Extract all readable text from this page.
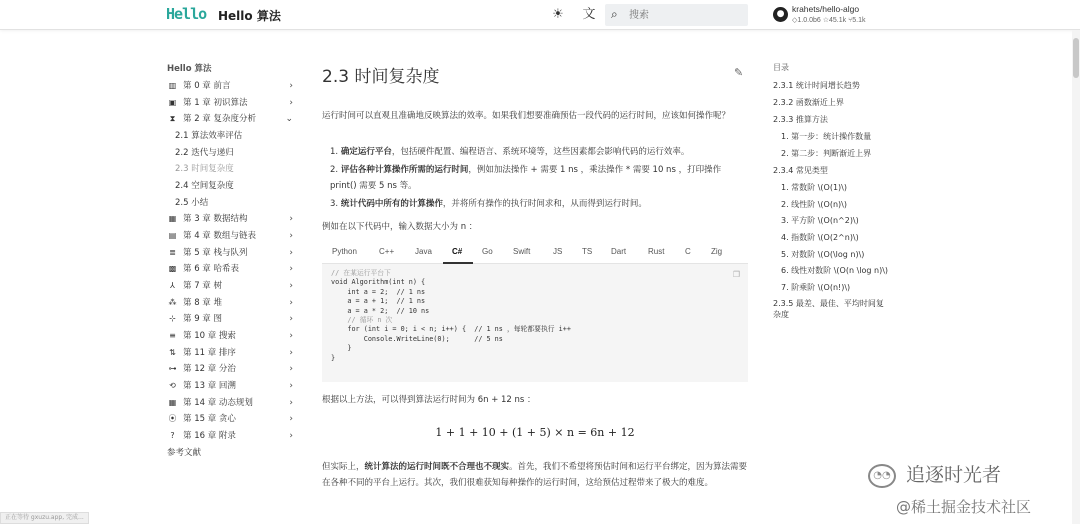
Hello Hello 算法	☀ 文 ⌕
搜索	● krahets/hello-algo
◇1.0.0b6 ☆45.1k ⑂5.1k
Hello 算法
▥ 第 0 章 前言	›
▣ 第 1 章 初识算法	›
⧗ 第 2 章 复杂度分析	⌄
2.1 算法效率评估
2.2 迭代与递归
2.3 时间复杂度
2.4 空间复杂度
2.5 小结
▦ 第 3 章 数据结构	›
▤ 第 4 章 数组与链表	›
≣ 第 5 章 栈与队列	›
▩ 第 6 章 哈希表	›
⅄ 第 7 章 树	›
⁂ 第 8 章 堆	›
⊹ 第 9 章 图	›
≡ 第 10 章 搜索	›
⇅ 第 11 章 排序	›
⊶ 第 12 章 分治	›
⟲ 第 13 章 回溯	›
▦ 第 14 章 动态规划	›
⦿ 第 15 章 贪心	›
? 第 16 章 附录	›
参考文献
2.3 时间复杂度	✎
运行时间可以直观且准确地反映算法的效率。如果我们想要准确预估一段代码的运行时间，应该如何操作呢？
1. 确定运行平台，包括硬件配置、编程语言、系统环境等，这些因素都会影响代码的运行效率。
2. 评估各种计算操作所需的运行时间，例如加法操作 + 需要 1 ns ，乘法操作 * 需要 10 ns ，打印操作 print() 需要 5 ns 等。
3. 统计代码中所有的计算操作，并将所有操作的执行时间求和，从而得到运行时间。
例如在以下代码中，输入数据大小为 n ：
Python	C++	Java	C# Go	Swift	JS TS Dart	Rust	C	Zig
❐
// 在某运行平台下
void Algorithm(int n) {
int a = 2;  // 1 ns
a = a + 1;  // 1 ns
a = a * 2;  // 10 ns
// 循环 n 次
for (int i = 0; i < n; i++) {  // 1 ns ，每轮都要执行 i++
Console.WriteLine(0);      // 5 ns
}
}
根据以上方法，可以得到算法运行时间为 6n + 12 ns ：
1 + 1 + 10 + (1 + 5) × n = 6n + 12
但实际上，统计算法的运行时间既不合理也不现实。首先，我们不希望将预估时间和运行平台绑定，因为算法需要在各种不同的平台上运行。其次，我们很难获知每种操作的运行时间，这给预估过程带来了极大的难度。
目录
2.3.1 统计时间增长趋势
2.3.2 函数渐近上界
2.3.3 推算方法
1. 第一步：统计操作数量
2. 第二步：判断渐近上界
2.3.4 常见类型
1. 常数阶 \(O(1)\)
2. 线性阶 \(O(n)\)
3. 平方阶 \(O(n^2)\)
4. 指数阶 \(O(2^n)\)
5. 对数阶 \(O(\log n)\)
6. 线性对数阶 \(O(n \log n)\)
7. 阶乘阶 \(O(n!)\)
2.3.5 最差、最佳、平均时间复
杂度
◔◔ 追逐时光者
@稀土掘金技术社区
正在等待 gxuzu.app, 完成...
